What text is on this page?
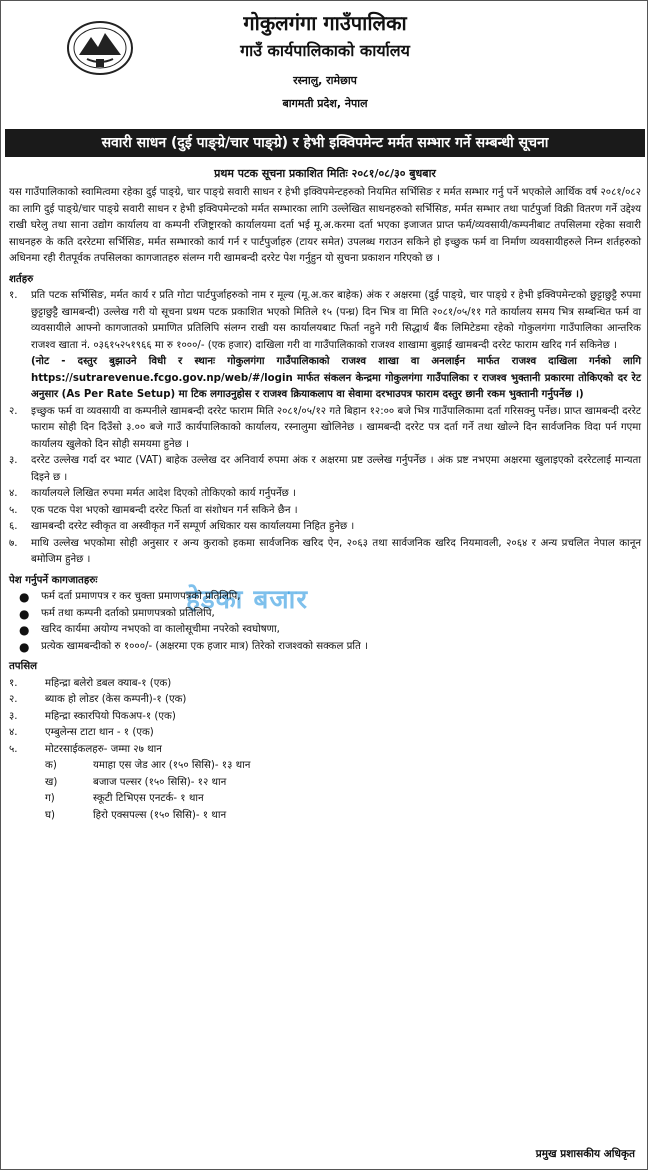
गोकुलगंगा गाउँपालिका
गाउँ कार्यपालिकाको कार्यालय
रस्नालु, रामेछाप
बागमती प्रदेश, नेपाल
सवारी साधन (दुई पाङ्ग्रे/चार पाङ्ग्रे) र हेभी इक्विपमेन्ट मर्मत सम्भार गर्ने सम्बन्धी सूचना
प्रथम पटक सूचना प्रकाशित मितिः २०८१/०८/३० बुधबार
हेडका बजार
यस गाउँपालिकाको स्वामित्वमा रहेका दुई पाङ्ग्रे, चार पाङ्ग्रे सवारी साधन र हेभी इक्विपमेन्टहरुको नियमित सर्भिसिङ र मर्मत सम्भार गर्नु पर्ने भएकोले आर्थिक वर्ष २०८१/०८२ का लागि दुई पाङ्ग्रे/चार पाङ्ग्रे सवारी साधन र हेभी इक्विपमेन्टको मर्मत सम्भारका लागि उल्लेखित साधनहरुको सर्भिसिङ, मर्मत सम्भार तथा पार्टपुर्जा विक्री वितरण गर्ने उद्देश्य राखी घरेलु तथा साना उद्योग कार्यालय वा कम्पनी रजिष्ट्रारको कार्यालयमा दर्ता भई मू.अ.करमा दर्ता भएका इजाजत प्राप्त फर्म/व्यवसायी/कम्पनीबाट तपसिलमा रहेका सवारी साधनहरु के कति दररेटमा सर्भिसिङ, मर्मत सम्भारको कार्य गर्न र पार्टपुर्जाहरु (टायर समेत) उपलब्ध गराउन सकिने हो इच्छुक फर्म वा निर्माण व्यवसायीहरुले निम्न शर्तहरुको अधिनमा रही रीतपूर्वक तपसिलका कागजातहरु संलग्न गरी खामबन्दी दररेट पेश गर्नुहुन यो सुचना प्रकाशन गरिएको छ ।
शर्तहरु
१.	प्रति पटक सर्भिसिङ, मर्मत कार्य र प्रति गोटा पार्टपुर्जाहरुको नाम र मूल्य (मू.अ.कर बाहेक) अंक र अक्षरमा (दुई पाङ्ग्रे, चार पाङ्ग्रे र हेभी इक्विपमेन्टको छुट्टाछुट्टै रुपमा छुट्टाछुट्टै खामबन्दी) उल्लेख गरी यो सूचना प्रथम पटक प्रकाशित भएको मितिले १५ (पन्ध्र) दिन भित्र वा मिति २०८१/०५/११ गते कार्यालय समय भित्र सम्बन्धित फर्म वा व्यवसायीले आफ्नो कागजातको प्रमाणित प्रतिलिपि संलग्न राखी यस कार्यालयबाट फिर्ता नहुने गरी सिद्धार्थ बैंक लिमिटेडमा रहेको गोकुलगंगा गाउँपालिका आन्तरिक राजश्व खाता नं. ०३६१५२५१९६६ मा रु १०००/- (एक हजार) दाखिला गरी वा गाउँपालिकाको राजश्व शाखामा बुझाई खामबन्दी दररेट फाराम खरिद गर्न सकिनेछ ।
(नोट - दस्तुर बुझाउने विधी र स्थानः गोकुलगंगा गाउँपालिकाको राजश्व शाखा वा अनलाईन मार्फत राजश्व दाखिला गर्नको लागि https://sutrarevenue.fcgo.gov.np/web/#/login मार्फत संकलन केन्द्रमा गोकुलगंगा गाउँपालिका र राजश्व भुक्तानी प्रकारमा तोकिएको दर रेट अनुसार (As Per Rate Setup) मा टिक लगाउनुहोस र राजश्व क्रियाकलाप वा सेवामा दरभाउपत्र फाराम दस्तुर छानी रकम भुक्तानी गर्नुपर्नेछ ।)
२.	इच्छुक फर्म वा व्यवसायी वा कम्पनीले खामबन्दी दररेट फाराम मिति २०८१/०५/१२ गते बिहान १२:०० बजे भित्र गाउँपालिकामा दर्ता गरिसक्नु पर्नेछ। प्राप्त खामबन्दी दररेट फाराम सोही दिन दिउँसो ३.०० बजे गाउँ कार्यपालिकाको कार्यालय, रस्नालुमा खोलिनेछ । खामबन्दी दररेट पत्र दर्ता गर्ने तथा खोल्ने दिन सार्वजनिक विदा पर्न गएमा कार्यालय खुलेको दिन सोही समयमा हुनेछ ।
३.	दररेट उल्लेख गर्दा दर भ्याट (VAT) बाहेक उल्लेख दर अनिवार्य रुपमा अंक र अक्षरमा प्रष्ट उल्लेख गर्नुपर्नेछ । अंक प्रष्ट नभएमा अक्षरमा खुलाइएको दररेटलाई मान्यता दिइने छ ।
४.	कार्यालयले लिखित रुपमा मर्मत आदेश दिएको तोकिएको कार्य गर्नुपर्नेछ ।
५.	एक पटक पेश भएको खामबन्दी दररेट फिर्ता वा संशोधन गर्न सकिने छैन ।
६.	खामबन्दी दररेट स्वीकृत वा अस्वीकृत गर्ने सम्पूर्ण अधिकार यस कार्यालयमा निहित हुनेछ ।
७.	माथि उल्लेख भएकोमा सोही अनुसार र अन्य कुराको हकमा सार्वजनिक खरिद ऐन, २०६३ तथा सार्वजनिक खरिद नियमावली, २०६४ र अन्य प्रचलित नेपाल कानून बमोजिम हुनेछ ।
पेश गर्नुपर्ने कागजातहरुः
●	फर्म दर्ता प्रमाणपत्र र कर चुक्ता प्रमाणपत्रको प्रतिलिपि,
●	फर्म तथा कम्पनी दर्ताको प्रमाणपत्रको प्रतिलिपि,
●	खरिद कार्यमा अयोग्य नभएको वा कालोसूचीमा नपरेको स्वघोषणा,
●	प्रत्येक खामबन्दीको रु १०००/- (अक्षरमा एक हजार मात्र) तिरेको राजश्वको सक्कल प्रति ।
तपसिल
१.	महिन्द्रा बलेरो डबल क्याब-१ (एक)
२.	ब्याक हो लोडर (केस कम्पनी)-१ (एक)
३.	महिन्द्रा स्कारपियो पिकअप-१ (एक)
४.	एम्बुलेन्स टाटा थान - १ (एक)
५.	मोटरसाईकलहरु- जम्मा २७ थान
क)	यमाहा एस जेड आर (१५० सिसि)- १३ थान
ख)	बजाज पल्सर (१५० सिसि)- १२ थान
ग)	स्कूटी टिभिएस एनटर्क- १ थान
घ)	हिरो एक्सपल्स (१५० सिसि)- १ थान
प्रमुख प्रशासकीय अधिकृत
